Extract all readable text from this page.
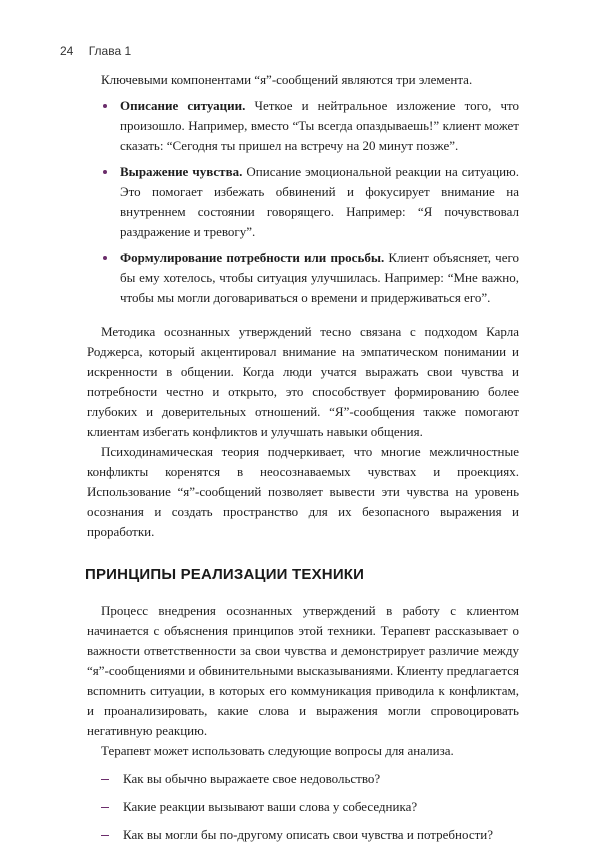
24 Глава 1

Ключевыми компонентами “я”-сообщений являются три элемента.

Описание ситуации. Четкое и нейтральное изложение того, что произошло. Например, вместо “Ты всегда опаздываешь!” клиент может сказать: “Сегодня ты пришел на встречу на 20 минут позже”.
Выражение чувства. Описание эмоциональной реакции на ситуацию. Это помогает избежать обвинений и фокусирует внимание на внутреннем состоянии говорящего. Например: “Я почувствовал раздражение и тревогу”.
Формулирование потребности или просьбы. Клиент объясняет, чего бы ему хотелось, чтобы ситуация улучшилась. Например: “Мне важно, чтобы мы могли договариваться о времени и придерживаться его”.

Методика осознанных утверждений тесно связана с подходом Карла Роджерса, который акцентировал внимание на эмпатическом понимании и искренности в общении. Когда люди учатся выражать свои чувства и потребности честно и открыто, это способствует формированию более глубоких и доверительных отношений. “Я”-сообщения также помогают клиентам избегать конфликтов и улучшать навыки общения.

Психодинамическая теория подчеркивает, что многие межличностные конфликты коренятся в неосознаваемых чувствах и проекциях. Использование “я”-сообщений позволяет вывести эти чувства на уровень осознания и создать пространство для их безопасного выражения и проработки.

ПРИНЦИПЫ РЕАЛИЗАЦИИ ТЕХНИКИ

Процесс внедрения осознанных утверждений в работу с клиентом начинается с объяснения принципов этой техники. Терапевт рассказывает о важности ответственности за свои чувства и демонстрирует различие между “я”-сообщениями и обвинительными высказываниями. Клиенту предлагается вспомнить ситуации, в которых его коммуникация приводила к конфликтам, и проанализировать, какие слова и выражения могли спровоцировать негативную реакцию.

Терапевт может использовать следующие вопросы для анализа.

Как вы обычно выражаете свое недовольство?
Какие реакции вызывают ваши слова у собеседника?
Как вы могли бы по-другому описать свои чувства и потребности?
